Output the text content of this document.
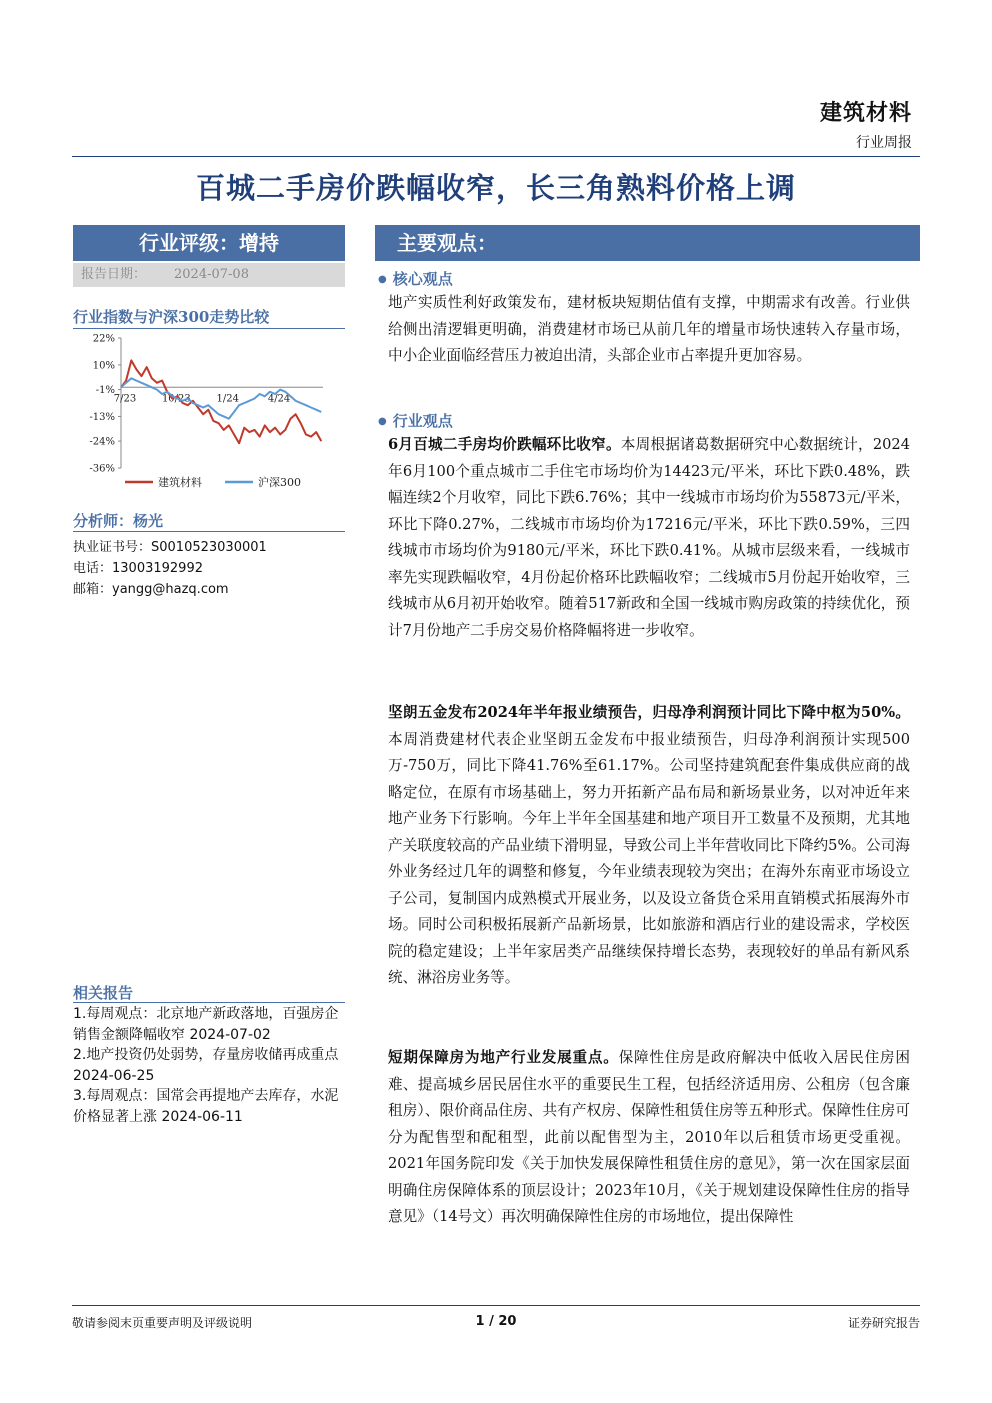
建筑材料
行业周报
百城二手房价跌幅收窄，长三角熟料价格上调
行业评级：增持
报告日期： 2024-07-08
行业指数与沪深300走势比较
22%
10%
-1%
-13%
-24%
-36%
7/23	10/23	1/24	4/24
建筑材料	沪深300
分析师：杨光
执业证书号：S0010523030001
电话：13003192992
邮箱：yangg@hazq.com
相关报告
1.每周观点：北京地产新政落地，百强房企销售金额降幅收窄 2024-07-02
2.地产投资仍处弱势，存量房收储再成重点 2024-06-25
3.每周观点：国常会再提地产去库存，水泥价格显著上涨 2024-06-11
主要观点：
● 核心观点
地产实质性利好政策发布，建材板块短期估值有支撑，中期需求有改善。行业供给侧出清逻辑更明确，消费建材市场已从前几年的增量市场快速转入存量市场，中小企业面临经营压力被迫出清，头部企业市占率提升更加容易。
● 行业观点
6月百城二手房均价跌幅环比收窄。本周根据诸葛数据研究中心数据统计，2024年6月100个重点城市二手住宅市场均价为14423元/平米，环比下跌0.48%，跌幅连续2个月收窄，同比下跌6.76%；其中一线城市市场均价为55873元/平米，环比下降0.27%，二线城市市场均价为17216元/平米，环比下跌0.59%，三四线城市市场均价为9180元/平米，环比下跌0.41%。从城市层级来看，一线城市率先实现跌幅收窄，4月份起价格环比跌幅收窄；二线城市5月份起开始收窄，三线城市从6月初开始收窄。随着517新政和全国一线城市购房政策的持续优化，预计7月份地产二手房交易价格降幅将进一步收窄。
坚朗五金发布2024年半年报业绩预告，归母净利润预计同比下降中枢为50%。本周消费建材代表企业坚朗五金发布中报业绩预告，归母净利润预计实现500万-750万，同比下降41.76%至61.17%。公司坚持建筑配套件集成供应商的战略定位，在原有市场基础上，努力开拓新产品布局和新场景业务，以对冲近年来地产业务下行影响。今年上半年全国基建和地产项目开工数量不及预期，尤其地产关联度较高的产品业绩下滑明显，导致公司上半年营收同比下降约5%。公司海外业务经过几年的调整和修复，今年业绩表现较为突出；在海外东南亚市场设立子公司，复制国内成熟模式开展业务，以及设立备货仓采用直销模式拓展海外市场。同时公司积极拓展新产品新场景，比如旅游和酒店行业的建设需求，学校医院的稳定建设；上半年家居类产品继续保持增长态势，表现较好的单品有新风系统、淋浴房业务等。
短期保障房为地产行业发展重点。保障性住房是政府解决中低收入居民住房困难、提高城乡居民居住水平的重要民生工程，包括经济适用房、公租房（包含廉租房）、限价商品住房、共有产权房、保障性租赁住房等五种形式。保障性住房可分为配售型和配租型，此前以配售型为主，2010年以后租赁市场更受重视。2021年国务院印发《关于加快发展保障性租赁住房的意见》，第一次在国家层面明确住房保障体系的顶层设计；2023年10月，《关于规划建设保障性住房的指导意见》（14号文）再次明确保障性住房的市场地位，提出保障性
敬请参阅末页重要声明及评级说明	1 / 20	证券研究报告
